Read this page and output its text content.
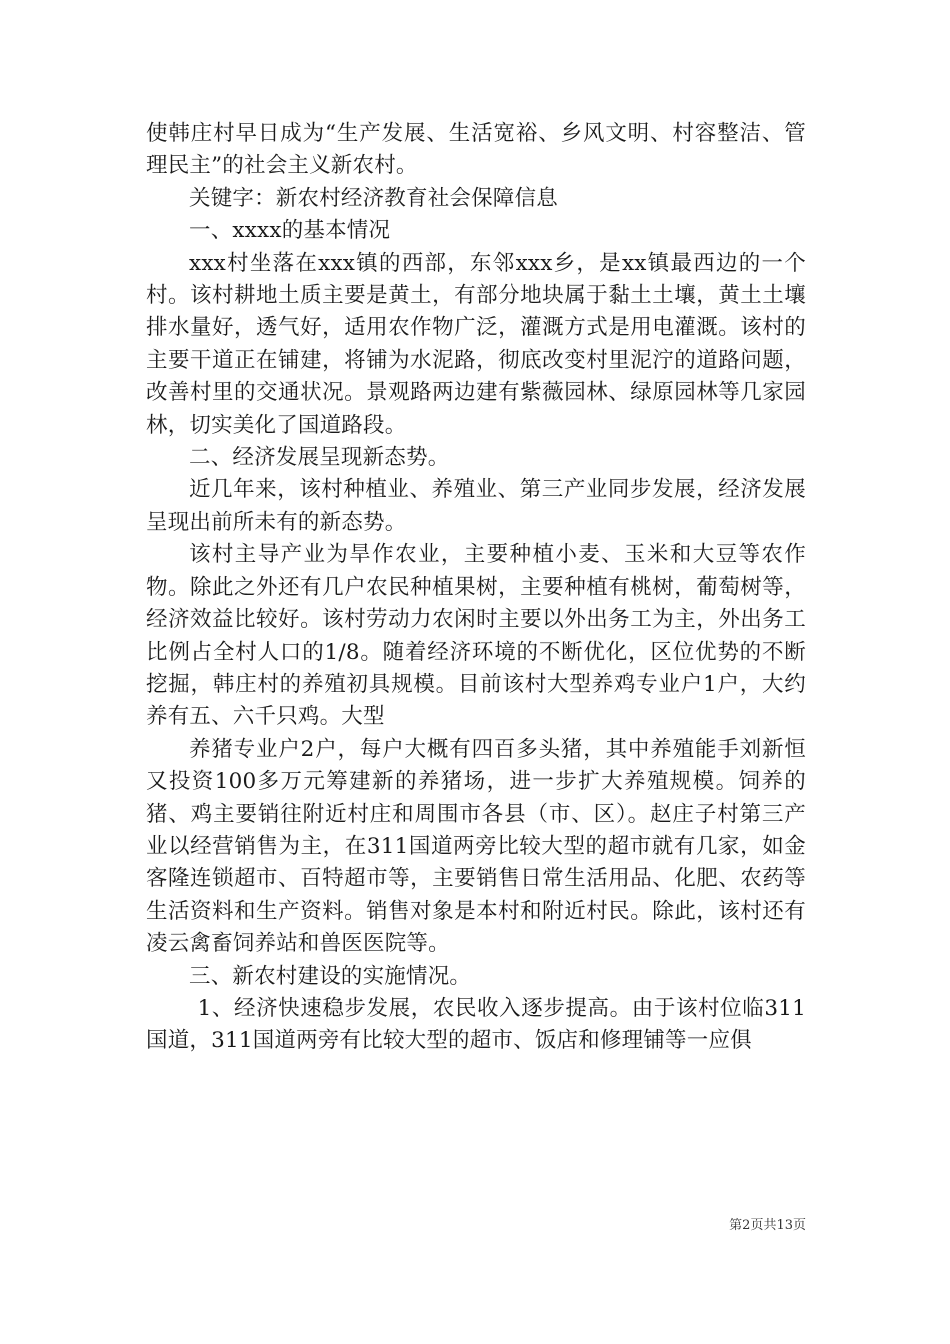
使韩庄村早日成为“生产发展、生活宽裕、乡风文明、村容整洁、管理民主”的社会主义新农村。

关键字：新农村经济教育社会保障信息

一、xxxx的基本情况

xxx村坐落在xxx镇的西部，东邻xxx乡，是xx镇最西边的一个村。该村耕地土质主要是黄土，有部分地块属于黏土土壤，黄土土壤排水量好，透气好，适用农作物广泛，灌溉方式是用电灌溉。该村的主要干道正在铺建，将铺为水泥路，彻底改变村里泥泞的道路问题，改善村里的交通状况。景观路两边建有紫薇园林、绿原园林等几家园林，切实美化了国道路段。

二、经济发展呈现新态势。

近几年来，该村种植业、养殖业、第三产业同步发展，经济发展呈现出前所未有的新态势。

该村主导产业为旱作农业，主要种植小麦、玉米和大豆等农作物。除此之外还有几户农民种植果树，主要种植有桃树，葡萄树等，经济效益比较好。该村劳动力农闲时主要以外出务工为主，外出务工比例占全村人口的1/8。随着经济环境的不断优化，区位优势的不断挖掘，韩庄村的养殖初具规模。目前该村大型养鸡专业户1户，大约养有五、六千只鸡。大型

养猪专业户2户，每户大概有四百多头猪，其中养殖能手刘新恒又投资100多万元筹建新的养猪场，进一步扩大养殖规模。饲养的猪、鸡主要销往附近村庄和周围市各县（市、区）。赵庄子村第三产业以经营销售为主，在311国道两旁比较大型的超市就有几家，如金客隆连锁超市、百特超市等，主要销售日常生活用品、化肥、农药等生活资料和生产资料。销售对象是本村和附近村民。除此，该村还有凌云禽畜饲养站和兽医医院等。

三、新农村建设的实施情况。

1、经济快速稳步发展，农民收入逐步提高。由于该村位临311国道，311国道两旁有比较大型的超市、饭店和修理铺等一应俱

第2页共13页
